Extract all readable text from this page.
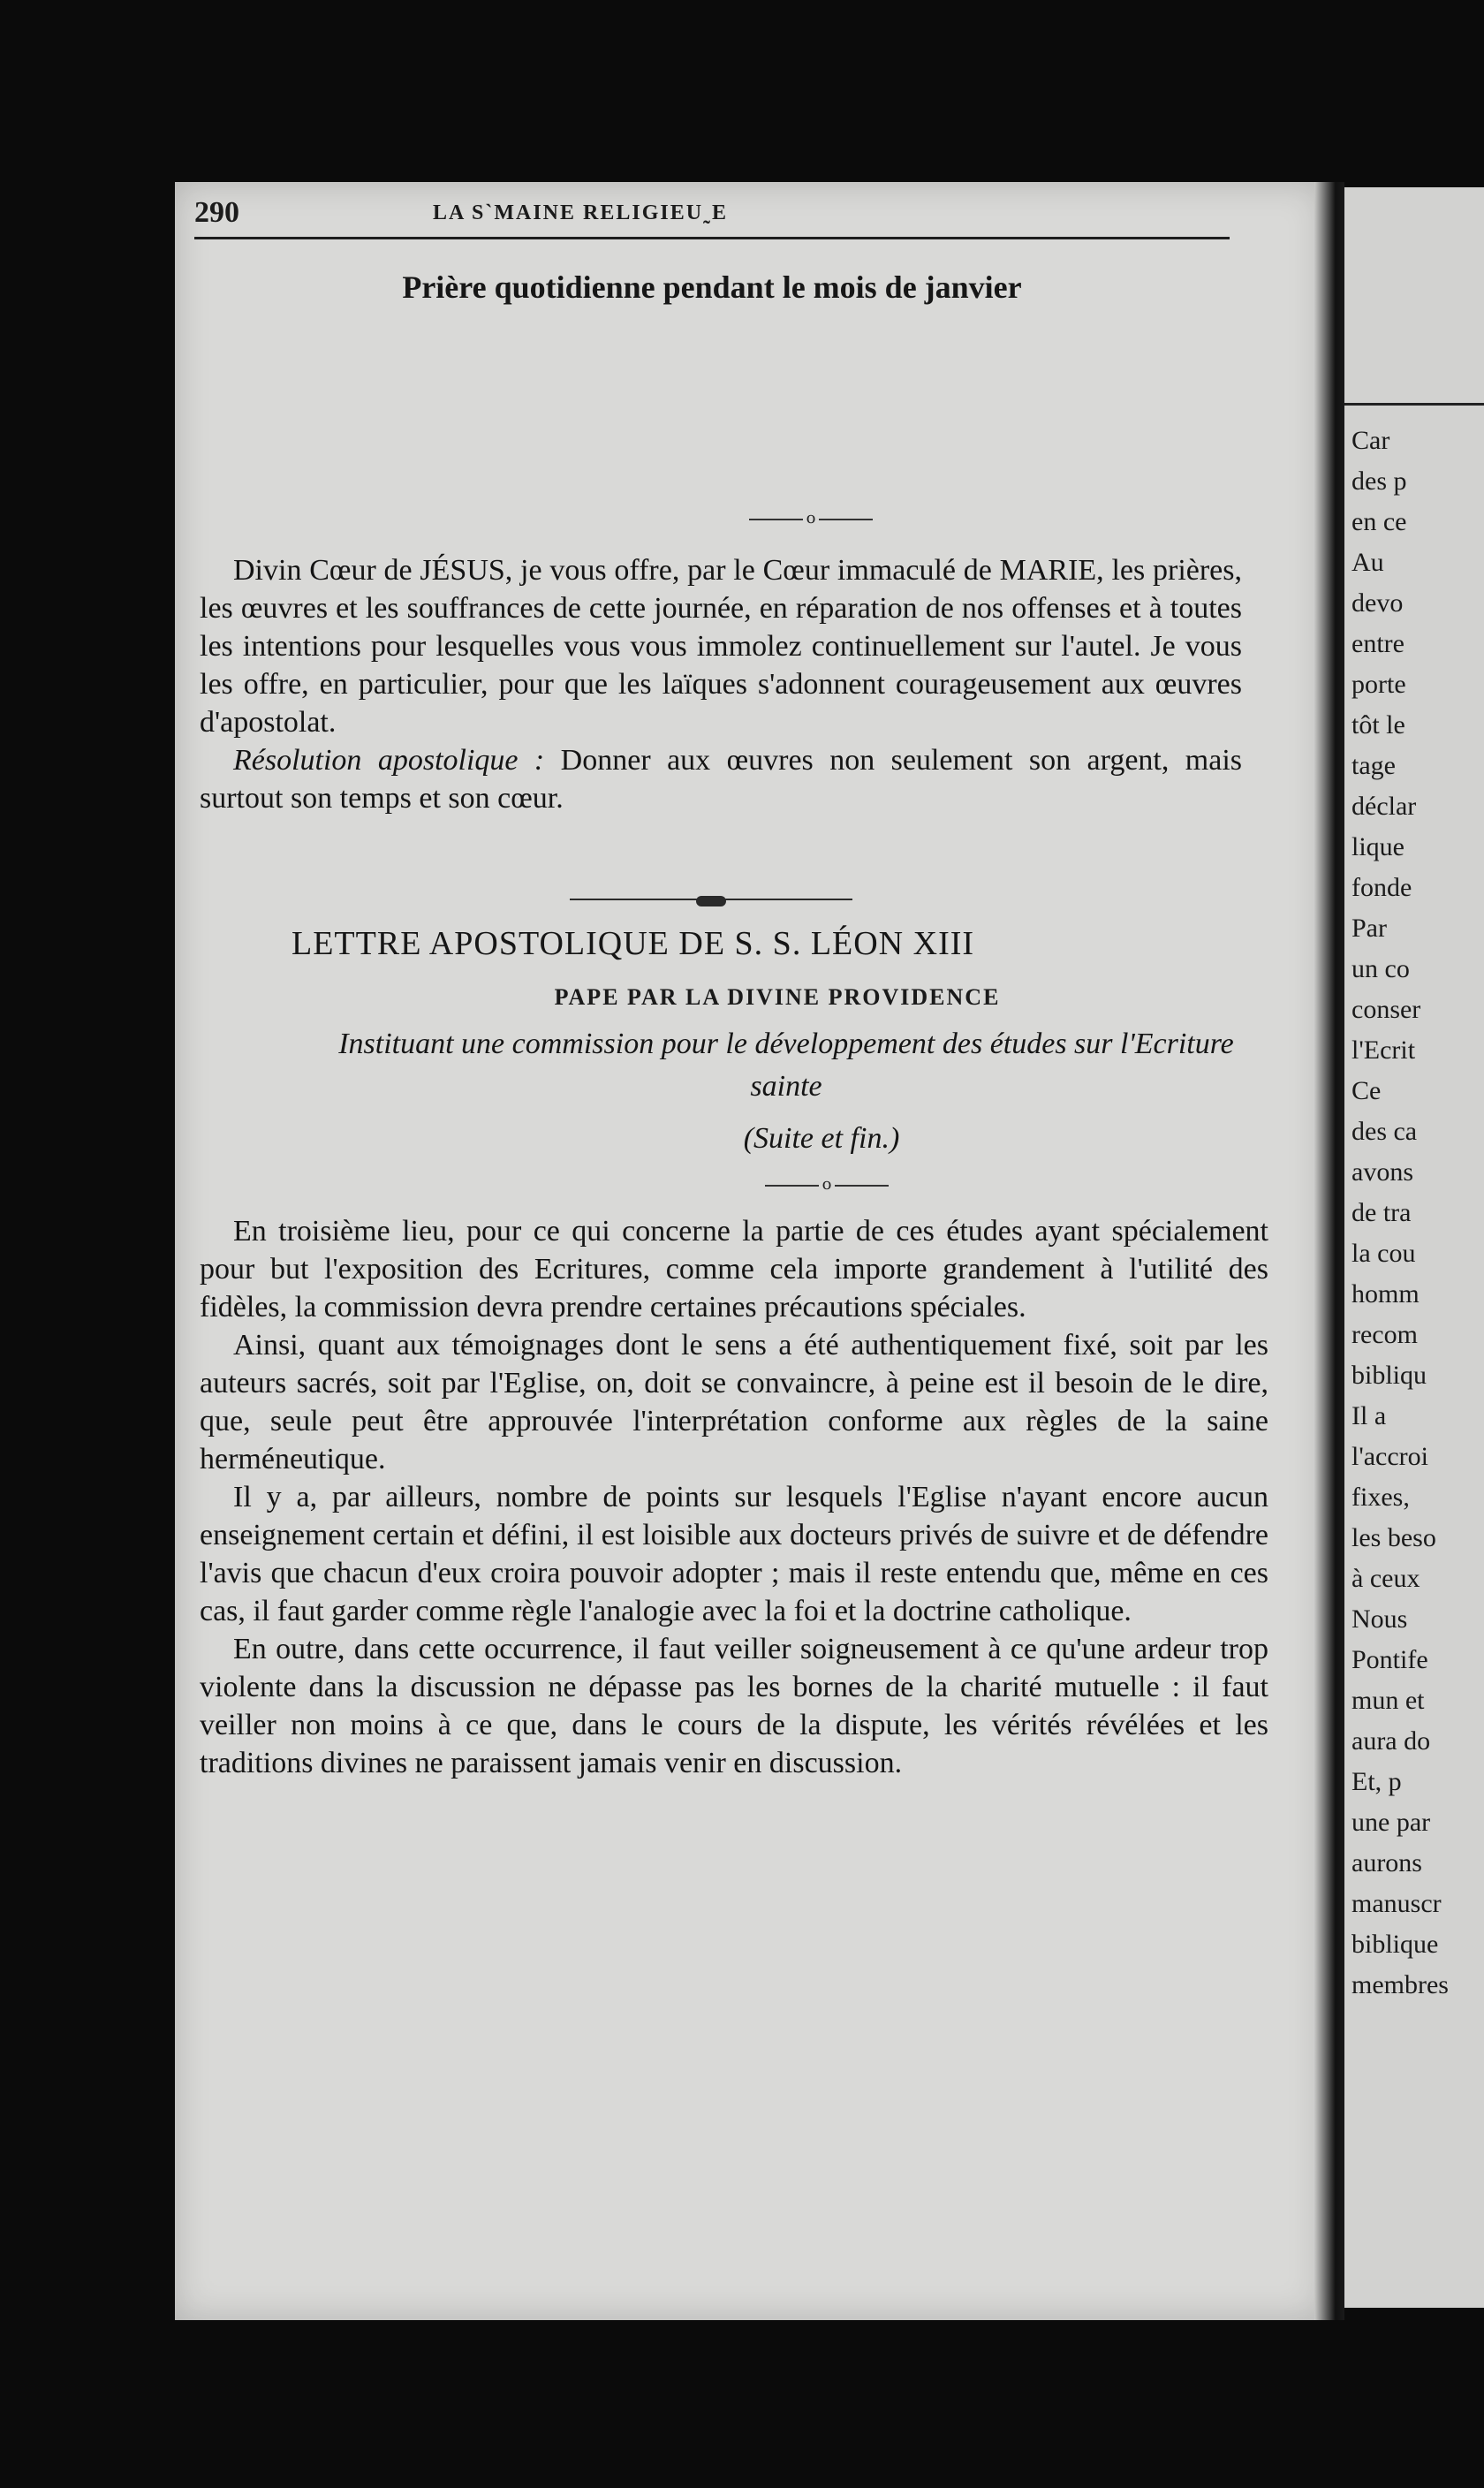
Car
des p
en ce
Au
devo
entre
porte
tôt le
tage
déclar
lique
fonde
Par
un co
conser
l'Ecrit
Ce
des ca
avons
de tra
la cou
homm
recom
bibliqu
Il a
l'accroi
fixes,
les beso
à ceux
Nous
Pontife
mun et
aura do
Et, p
une par
aurons
manuscr
biblique
membres
290	LA SˋMAINE RELIGIEU˷E
Prière quotidienne pendant le mois de janvier
o

Divin Cœur de JÉSUS, je vous offre, par le Cœur immaculé de MARIE, les prières, les œuvres et les souffrances de cette journée, en réparation de nos offenses et à toutes les intentions pour lesquelles vous vous immolez continuellement sur l'autel. Je vous les offre, en particulier, pour que les laïques s'adonnent courageusement aux œuvres d'apostolat.

Résolution apostolique : Donner aux œuvres non seulement son argent, mais surtout son temps et son cœur.

LETTRE APOSTOLIQUE DE S. S. LÉON XIII
PAPE PAR LA DIVINE PROVIDENCE
Instituant une commission pour le développement des études sur l'Ecriture sainte
(Suite et fin.)
o

En troisième lieu, pour ce qui concerne la partie de ces études ayant spécialement pour but l'exposition des Ecritures, comme cela importe grandement à l'utilité des fidèles, la commission devra prendre certaines précautions spéciales.

Ainsi, quant aux témoignages dont le sens a été authentiquement fixé, soit par les auteurs sacrés, soit par l'Eglise, on, doit se convaincre, à peine est il besoin de le dire, que, seule peut être approuvée l'interprétation conforme aux règles de la saine herméneutique.

Il y a, par ailleurs, nombre de points sur lesquels l'Eglise n'ayant encore aucun enseignement certain et défini, il est loisible aux docteurs privés de suivre et de défendre l'avis que chacun d'eux croira pouvoir adopter ; mais il reste entendu que, même en ces cas, il faut garder comme règle l'analogie avec la foi et la doctrine catholique.

En outre, dans cette occurrence, il faut veiller soigneusement à ce qu'une ardeur trop violente dans la discussion ne dépasse pas les bornes de la charité mutuelle : il faut veiller non moins à ce que, dans le cours de la dispute, les vérités révélées et les traditions divines ne paraissent jamais venir en discussion.
